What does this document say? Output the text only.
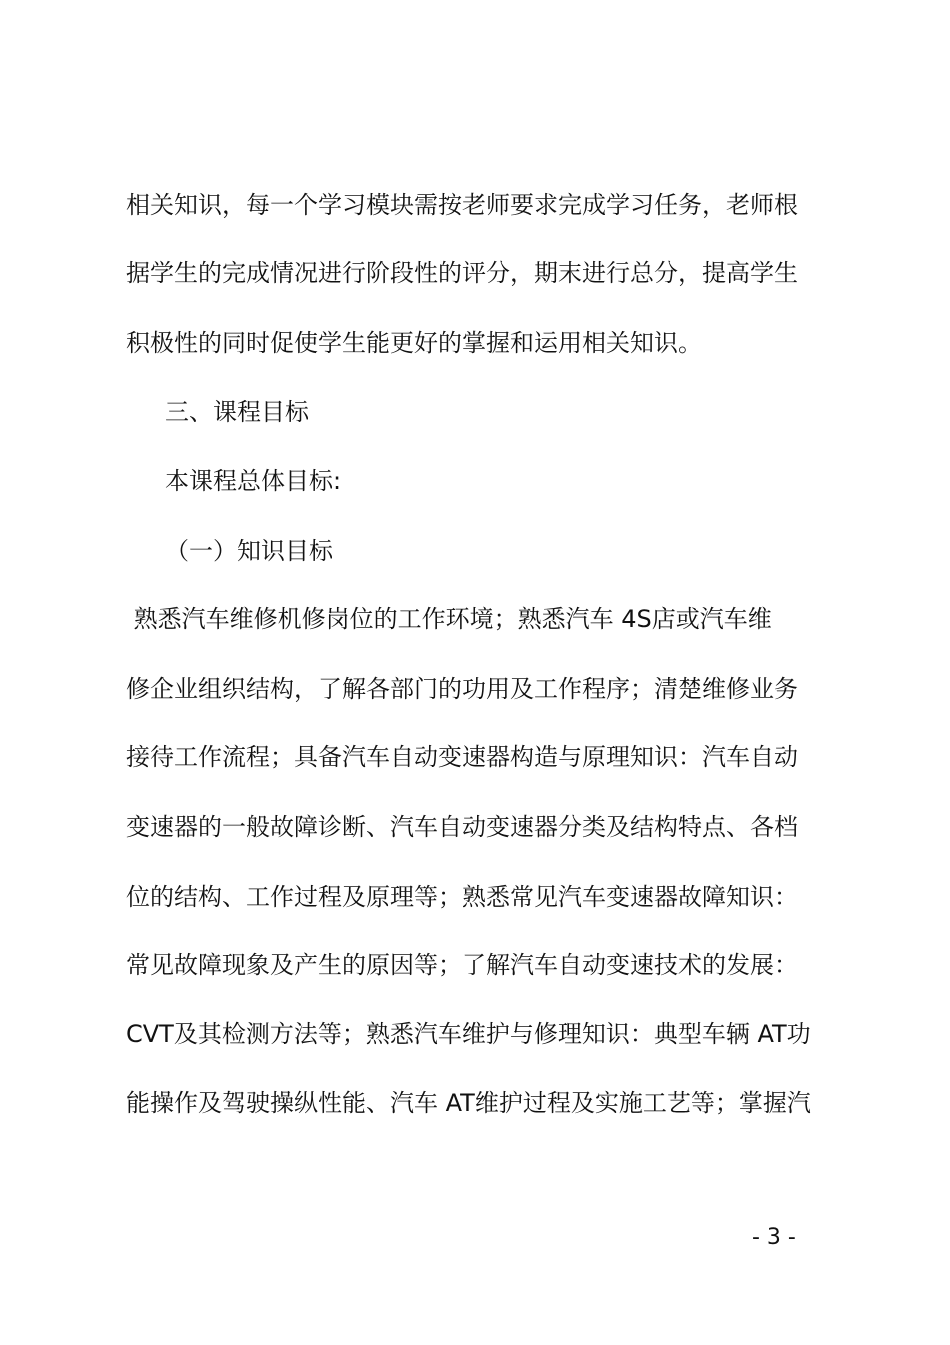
相关知识，每一个学习模块需按老师要求完成学习任务，老师根
据学生的完成情况进行阶段性的评分，期末进行总分，提高学生
积极性的同时促使学生能更好的掌握和运用相关知识。
三、课程目标
本课程总体目标:
（一）知识目标
熟悉汽车维修机修岗位的工作环境；熟悉汽车 4S店或汽车维
修企业组织结构，了解各部门的功用及工作程序；清楚维修业务
接待工作流程；具备汽车自动变速器构造与原理知识：汽车自动
变速器的一般故障诊断、汽车自动变速器分类及结构特点、各档
位的结构、工作过程及原理等；熟悉常见汽车变速器故障知识：
常见故障现象及产生的原因等；了解汽车自动变速技术的发展：
CVT及其检测方法等；熟悉汽车维护与修理知识：典型车辆 AT功
能操作及驾驶操纵性能、汽车 AT维护过程及实施工艺等；掌握汽
- 3 -
